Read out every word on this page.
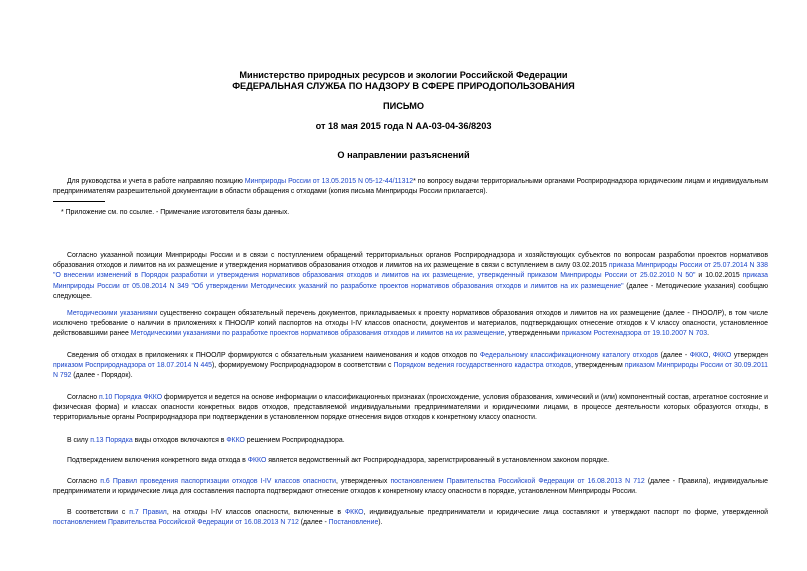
Министерство природных ресурсов и экологии Российской Федерации

ФЕДЕРАЛЬНАЯ СЛУЖБА ПО НАДЗОРУ В СФЕРЕ ПРИРОДОПОЛЬЗОВАНИЯ

ПИСЬМО

от 18 мая 2015 года N АА-03-04-36/8203

О направлении разъяснений

Для руководства и учета в работе направляю позицию Минприроды России от 13.05.2015 N 05-12-44/11312* по вопросу выдачи территориальными органами Росприроднадзора юридическим лицам и индивидуальным предпринимателям разрешительной документации в области обращения с отходами (копия письма Минприроды России прилагается).

* Приложение см. по ссылке. - Примечание изготовителя базы данных.

Согласно указанной позиции Минприроды России и в связи с поступлением обращений территориальных органов Росприроднадзора и хозяйствующих субъектов по вопросам разработки проектов нормативов образования отходов и лимитов на их размещение и утверждения нормативов образования отходов и лимитов на их размещение в связи с вступлением в силу 03.02.2015 приказа Минприроды России от 25.07.2014 N 338 "О внесении изменений в Порядок разработки и утверждения нормативов образования отходов и лимитов на их размещение, утвержденный приказом Минприроды России от 25.02.2010 N 50" и 10.02.2015 приказа Минприроды России от 05.08.2014 N 349 "Об утверждении Методических указаний по разработке проектов нормативов образования отходов и лимитов на их размещение" (далее - Методические указания) сообщаю следующее.

Методическими указаниями существенно сокращен обязательный перечень документов, прикладываемых к проекту нормативов образования отходов и лимитов на их размещение (далее - ПНООЛР), в том числе исключено требование о наличии в приложениях к ПНООЛР копий паспортов на отходы I-IV классов опасности, документов и материалов, подтверждающих отнесение отходов к V классу опасности, установленное действовавшими ранее Методическими указаниями по разработке проектов нормативов образования отходов и лимитов на их размещение, утвержденными приказом Ростехнадзора от 19.10.2007 N 703.

Сведения об отходах в приложениях к ПНООЛР формируются с обязательным указанием наименования и кодов отходов по Федеральному классификационному каталогу отходов (далее - ФККО, ФККО утвержден приказом Росприроднадзора от 18.07.2014 N 445), формируемому Росприроднадзором в соответствии с Порядком ведения государственного кадастра отходов, утвержденным приказом Минприроды России от 30.09.2011 N 792 (далее - Порядок).

Согласно п.10 Порядка ФККО формируется и ведется на основе информации о классификационных признаках (происхождение, условия образования, химический и (или) компонентный состав, агрегатное состояние и физическая форма) и классах опасности конкретных видов отходов, представляемой индивидуальными предпринимателями и юридическими лицами, в процессе деятельности которых образуются отходы, в территориальные органы Росприроднадзора при подтверждении в установленном порядке отнесения видов отходов к конкретному классу опасности.

В силу п.13 Порядка виды отходов включаются в ФККО решением Росприроднадзора.

Подтверждением включения конкретного вида отхода в ФККО является ведомственный акт Росприроднадзора, зарегистрированный в установленном законом порядке.

Согласно п.6 Правил проведения паспортизации отходов I-IV классов опасности, утвержденных постановлением Правительства Российской Федерации от 16.08.2013 N 712 (далее - Правила), индивидуальные предприниматели и юридические лица для составления паспорта подтверждают отнесение отходов к конкретному классу опасности в порядке, установленном Минприроды России.

В соответствии с п.7 Правил, на отходы I-IV классов опасности, включенные в ФККО, индивидуальные предприниматели и юридические лица составляют и утверждают паспорт по форме, утвержденной постановлением Правительства Российской Федерации от 16.08.2013 N 712 (далее - Постановление).
